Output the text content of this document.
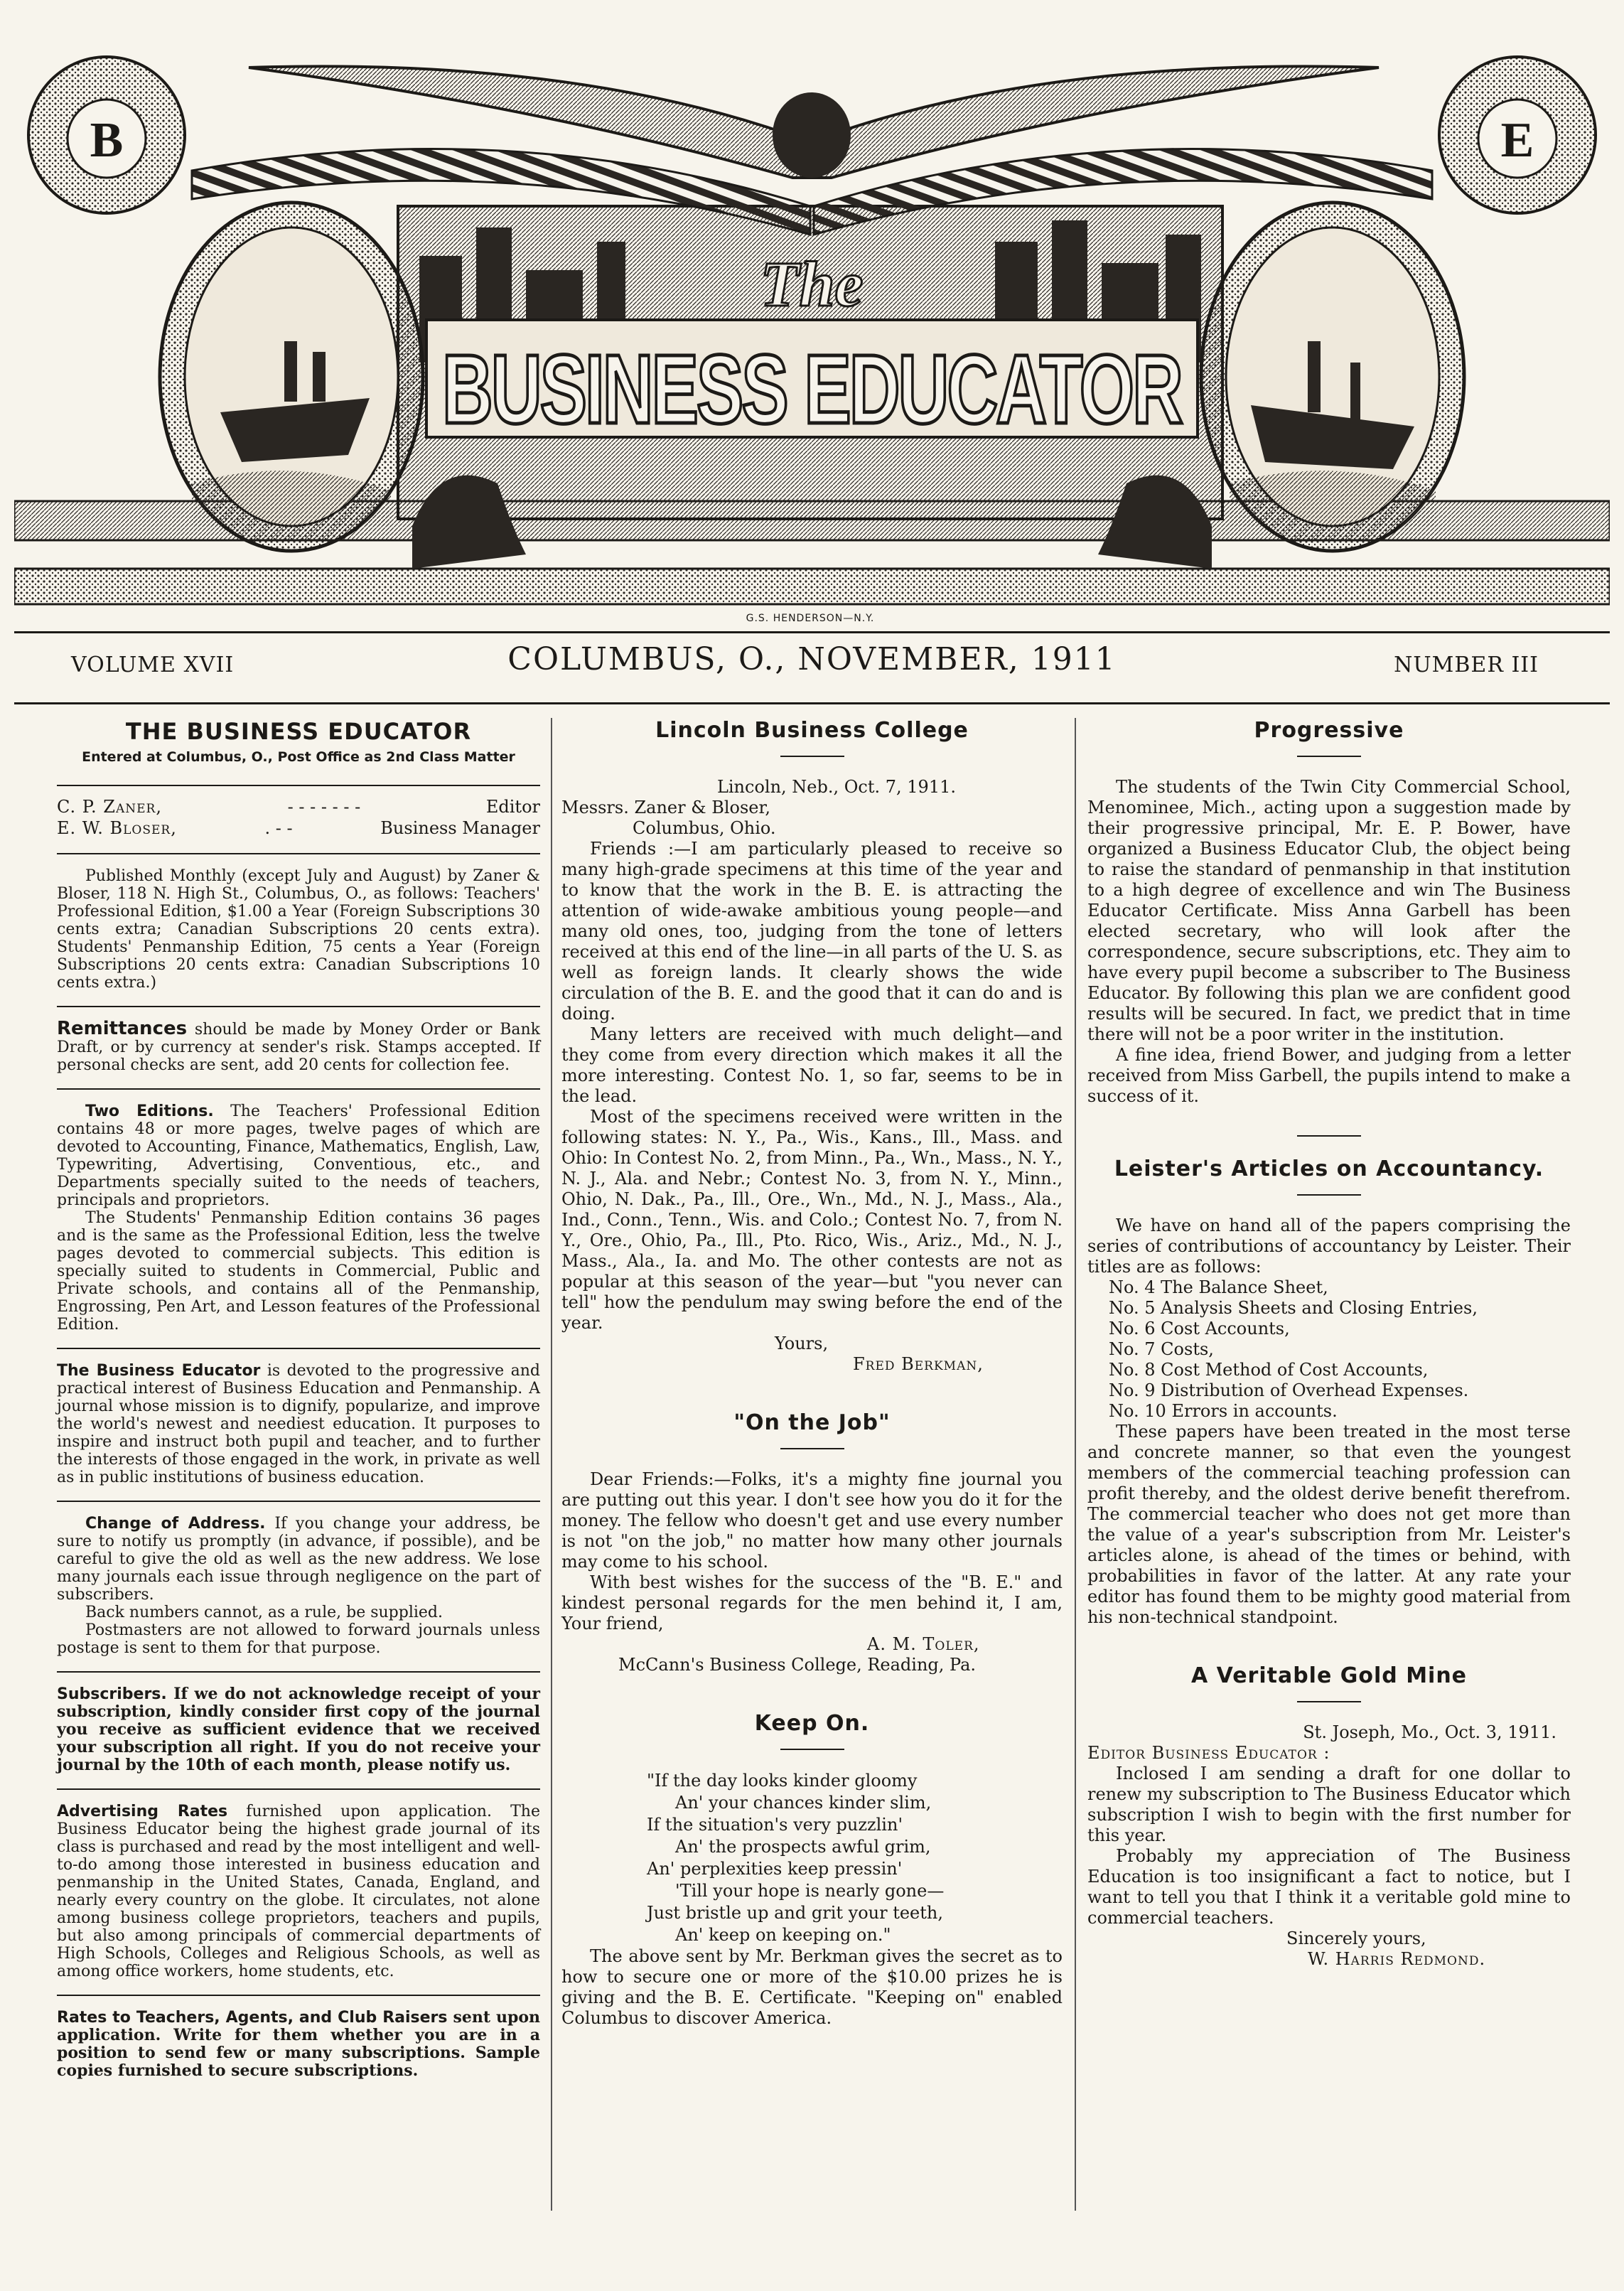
B	E
The
BUSINESS EDUCATOR
G.S. HENDERSON—N.Y.
VOLUME XVII	COLUMBUS, O., NOVEMBER, 1911	NUMBER III
THE BUSINESS EDUCATOR

Entered at Columbus, O., Post Office as 2nd Class Matter

C. P. Zaner,	- - - - - - -	Editor
E. W. Bloser,	. - -	Business Manager

Published Monthly (except July and August) by Zaner & Bloser, 118 N. High St., Columbus, O., as follows: Teachers' Professional Edition, $1.00 a Year (Foreign Subscriptions 30 cents extra; Canadian Subscriptions 20 cents extra). Students' Penmanship Edition, 75 cents a Year (Foreign Subscriptions 20 cents extra: Canadian Subscriptions 10 cents extra.)

Remittances should be made by Money Order or Bank Draft, or by currency at sender's risk. Stamps accepted. If personal checks are sent, add 20 cents for collection fee.

Two Editions. The Teachers' Professional Edition contains 48 or more pages, twelve pages of which are devoted to Accounting, Finance, Mathematics, English, Law, Typewriting, Advertising, Conventious, etc., and Departments specially suited to the needs of teachers, principals and proprietors.

The Students' Penmanship Edition contains 36 pages and is the same as the Professional Edition, less the twelve pages devoted to commercial subjects. This edition is specially suited to students in Commercial, Public and Private schools, and contains all of the Penmanship, Engrossing, Pen Art, and Lesson features of the Professional Edition.

The Business Educator is devoted to the progressive and practical interest of Business Education and Penmanship. A journal whose mission is to dignify, popularize, and improve the world's newest and neediest education. It purposes to inspire and instruct both pupil and teacher, and to further the interests of those engaged in the work, in private as well as in public institutions of business education.

Change of Address. If you change your address, be sure to notify us promptly (in advance, if possible), and be careful to give the old as well as the new address. We lose many journals each issue through negligence on the part of subscribers.

Back numbers cannot, as a rule, be supplied.

Postmasters are not allowed to forward journals unless postage is sent to them for that purpose.

Subscribers. If we do not acknowledge receipt of your subscription, kindly consider first copy of the journal you receive as sufficient evidence that we received your subscription all right. If you do not receive your journal by the 10th of each month, please notify us.

Advertising Rates furnished upon application. The Business Educator being the highest grade journal of its class is purchased and read by the most intelligent and well-to-do among those interested in business education and penmanship in the United States, Canada, England, and nearly every country on the globe. It circulates, not alone among business college proprietors, teachers and pupils, but also among principals of commercial departments of High Schools, Colleges and Religious Schools, as well as among office workers, home students, etc.

Rates to Teachers, Agents, and Club Raisers sent upon application. Write for them whether you are in a position to send few or many subscriptions. Sample copies furnished to secure subscriptions.

Lincoln Business College

Lincoln, Neb., Oct. 7, 1911.

Messrs. Zaner & Bloser,

Columbus, Ohio.

Friends :—I am particularly pleased to receive so many high-grade specimens at this time of the year and to know that the work in the B. E. is attracting the attention of wide-awake ambitious young people—and many old ones, too, judging from the tone of letters received at this end of the line—in all parts of the U. S. as well as foreign lands. It clearly shows the wide circulation of the B. E. and the good that it can do and is doing.

Many letters are received with much delight—and they come from every direction which makes it all the more interesting. Contest No. 1, so far, seems to be in the lead.

Most of the specimens received were written in the following states: N. Y., Pa., Wis., Kans., Ill., Mass. and Ohio: In Contest No. 2, from Minn., Pa., Wn., Mass., N. Y., N. J., Ala. and Nebr.; Contest No. 3, from N. Y., Minn., Ohio, N. Dak., Pa., Ill., Ore., Wn., Md., N. J., Mass., Ala., Ind., Conn., Tenn., Wis. and Colo.; Contest No. 7, from N. Y., Ore., Ohio, Pa., Ill., Pto. Rico, Wis., Ariz., Md., N. J., Mass., Ala., Ia. and Mo. The other contests are not as popular at this season of the year—but "you never can tell" how the pendulum may swing before the end of the year.

Yours,

Fred Berkman,

"On the Job"

Dear Friends:—Folks, it's a mighty fine journal you are putting out this year. I don't see how you do it for the money. The fellow who doesn't get and use every number is not "on the job," no matter how many other journals may come to his school.

With best wishes for the success of the "B. E." and kindest personal regards for the men behind it, I am, Your friend,

A. M. Toler,

McCann's Business College, Reading, Pa.

Keep On.

"If the day looks kinder gloomy

An' your chances kinder slim,

If the situation's very puzzlin'

An' the prospects awful grim,

An' perplexities keep pressin'

'Till your hope is nearly gone—

Just bristle up and grit your teeth,

An' keep on keeping on."

The above sent by Mr. Berkman gives the secret as to how to secure one or more of the $10.00 prizes he is giving and the B. E. Certificate. "Keeping on" enabled Columbus to discover America.

Progressive

The students of the Twin City Commercial School, Menominee, Mich., acting upon a suggestion made by their progressive principal, Mr. E. P. Bower, have organized a Business Educator Club, the object being to raise the standard of penmanship in that institution to a high degree of excellence and win The Business Educator Certificate. Miss Anna Garbell has been elected secretary, who will look after the correspondence, secure subscriptions, etc. They aim to have every pupil become a subscriber to The Business Educator. By following this plan we are confident good results will be secured. In fact, we predict that in time there will not be a poor writer in the institution.

A fine idea, friend Bower, and judging from a letter received from Miss Garbell, the pupils intend to make a success of it.

Leister's Articles on Accountancy.

We have on hand all of the papers comprising the series of contributions of accountancy by Leister. Their titles are as follows:

No. 4 The Balance Sheet,
No. 5 Analysis Sheets and Closing Entries,
No. 6 Cost Accounts,
No. 7 Costs,
No. 8 Cost Method of Cost Accounts,
No. 9 Distribution of Overhead Expenses.
No. 10 Errors in accounts.

These papers have been treated in the most terse and concrete manner, so that even the youngest members of the commercial teaching profession can profit thereby, and the oldest derive benefit therefrom. The commercial teacher who does not get more than the value of a year's subscription from Mr. Leister's articles alone, is ahead of the times or behind, with probabilities in favor of the latter. At any rate your editor has found them to be mighty good material from his non-technical standpoint.

A Veritable Gold Mine

St. Joseph, Mo., Oct. 3, 1911.

Editor Business Educator :

Inclosed I am sending a draft for one dollar to renew my subscription to The Business Educator which subscription I wish to begin with the first number for this year.

Probably my appreciation of The Business Education is too insignificant a fact to notice, but I want to tell you that I think it a veritable gold mine to commercial teachers.

Sincerely yours,

W. Harris Redmond.
